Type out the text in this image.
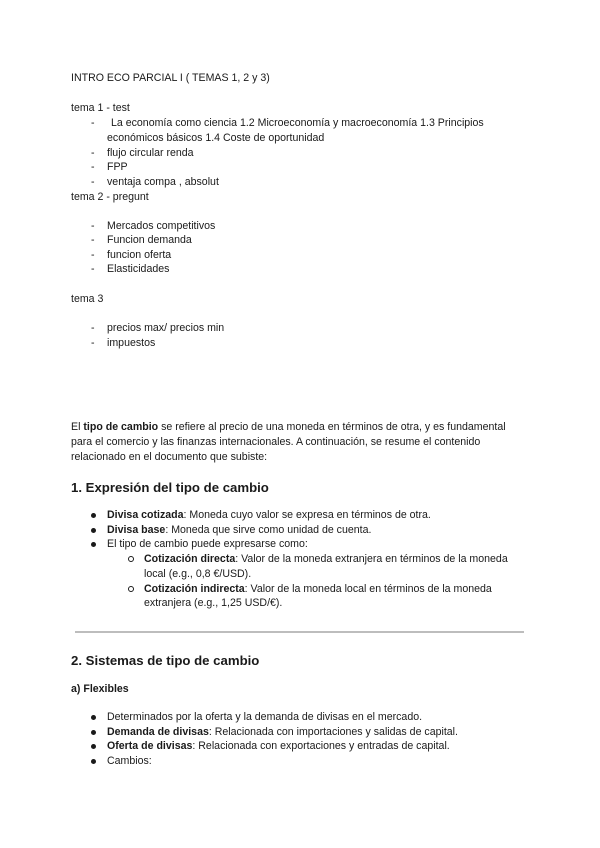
INTRO ECO PARCIAL I ( TEMAS 1, 2 y 3)
tema 1 - test
- La economía como ciencia 1.2 Microeconomía y macroeconomía 1.3 Principios
económicos básicos 1.4 Coste de oportunidad
- flujo circular renda
- FPP
- ventaja compa , absolut
tema 2 - pregunt
- Mercados competitivos
- Funcion demanda
- funcion oferta
- Elasticidades
tema 3
- precios max/ precios min
- impuestos
El tipo de cambio se refiere al precio de una moneda en términos de otra, y es fundamental
para el comercio y las finanzas internacionales. A continuación, se resume el contenido
relacionado en el documento que subiste:
1. Expresión del tipo de cambio
Divisa cotizada: Moneda cuyo valor se expresa en términos de otra.
Divisa base: Moneda que sirve como unidad de cuenta.
El tipo de cambio puede expresarse como:
Cotización directa: Valor de la moneda extranjera en términos de la moneda
local (e.g., 0,8 €/USD).
Cotización indirecta: Valor de la moneda local en términos de la moneda
extranjera (e.g., 1,25 USD/€).
2. Sistemas de tipo de cambio
a) Flexibles
Determinados por la oferta y la demanda de divisas en el mercado.
Demanda de divisas: Relacionada con importaciones y salidas de capital.
Oferta de divisas: Relacionada con exportaciones y entradas de capital.
Cambios:
